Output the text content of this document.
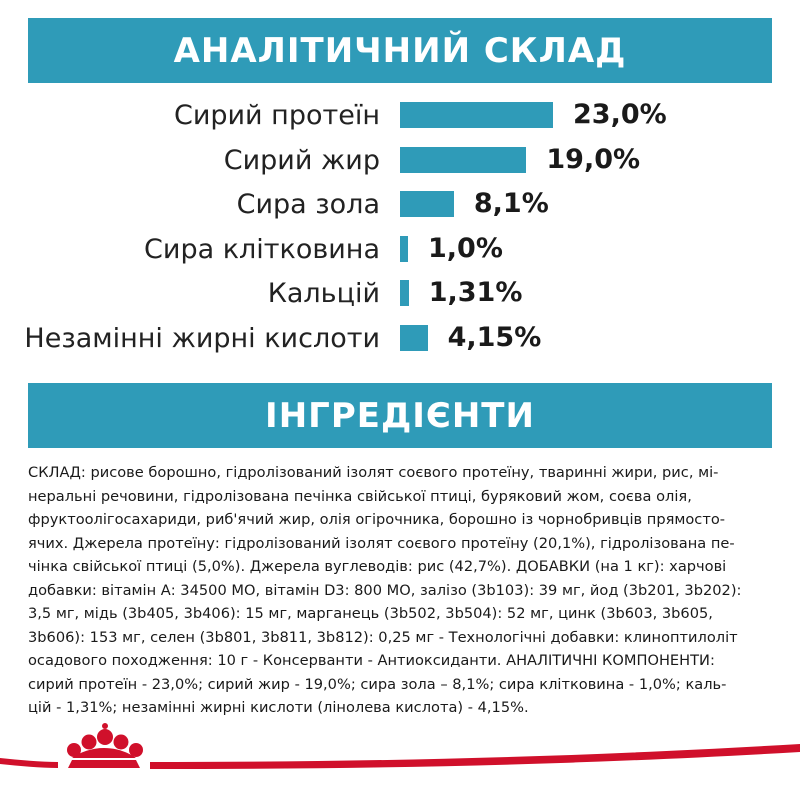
АНАЛІТИЧНИЙ СКЛАД
Сирий протеїн	23,0%
Сирий жир	19,0%
Сира зола	8,1%
Сира клітковина 1,0%
Кальцій 1,31%
Незамінні жирні кислоти	4,15%
ІНГРЕДІЄНТИ

СКЛАД: рисове борошно, гідролізований ізолят соєвого протеїну, тваринні жири, рис, мі-

неральні речовини, гідролізована печінка свійської птиці, буряковий жом, соєва олія,

фруктоолігосахариди, риб'ячий жир, олія огірочника, борошно із чорнобривців прямосто-

ячих. Джерела протеїну: гідролізований ізолят соєвого протеїну (20,1%), гідролізована пе-

чінка свійської птиці (5,0%). Джерела вуглеводів: рис (42,7%). ДОБАВКИ (на 1 кг): харчові

добавки: вітамін А: 34500 МО, вітамін D3: 800 МО, залізо (3b103): 39 мг, йод (3b201, 3b202):

3,5 мг, мідь (3b405, 3b406): 15 мг, марганець (3b502, 3b504): 52 мг, цинк (3b603, 3b605,

3b606): 153 мг, селен (3b801, 3b811, 3b812): 0,25 мг - Технологічні добавки: клиноптилоліт

осадового походження: 10 г - Консерванти - Антиоксиданти. АНАЛІТИЧНІ КОМПОНЕНТИ:

сирий протеїн - 23,0%; сирий жир - 19,0%; сира зола – 8,1%; сира клітковина - 1,0%; каль-

цій - 1,31%; незамінні жирні кислоти (лінолева кислота) - 4,15%.
